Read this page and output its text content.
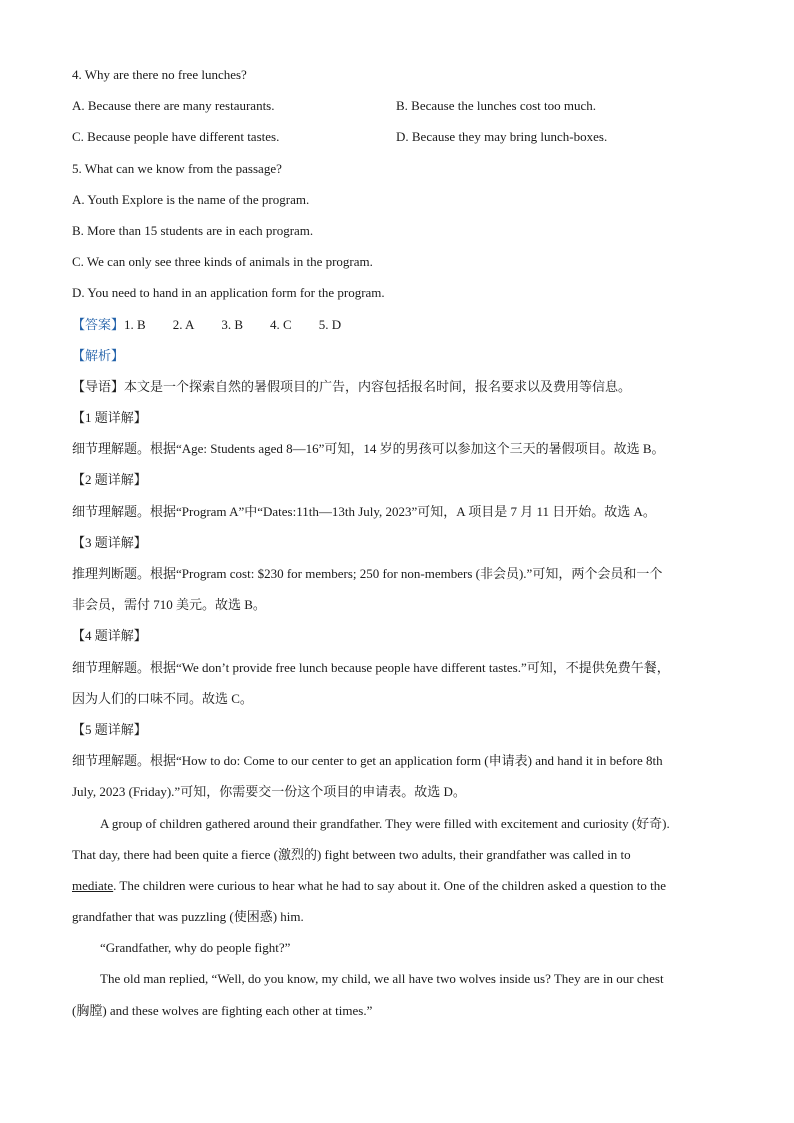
4. Why are there no free lunches?
A. Because there are many restaurants.	B. Because the lunches cost too much.
C. Because people have different tastes.	D. Because they may bring lunch-boxes.
5. What can we know from the passage?
A. Youth Explore is the name of the program.
B. More than 15 students are in each program.
C. We can only see three kinds of animals in the program.
D. You need to hand in an application form for the program.
【答案】1. B 2. A 3. B 4. C 5. D
【解析】
【导语】本文是一个探索自然的暑假项目的广告，内容包括报名时间，报名要求以及费用等信息。
【1 题详解】
细节理解题。根据“Age: Students aged 8—16”可知，14 岁的男孩可以参加这个三天的暑假项目。故选 B。
【2 题详解】
细节理解题。根据“Program A”中“Dates:11th—13th July, 2023”可知，A 项目是 7 月 11 日开始。故选 A。
【3 题详解】
推理判断题。根据“Program cost: $230 for members; 250 for non-members (非会员).”可知，两个会员和一个
非会员，需付 710 美元。故选 B。
【4 题详解】
细节理解题。根据“We don’t provide free lunch because people have different tastes.”可知，不提供免费午餐，
因为人们的口味不同。故选 C。
【5 题详解】
细节理解题。根据“How to do: Come to our center to get an application form (申请表) and hand it in before 8th
July, 2023 (Friday).”可知，你需要交一份这个项目的申请表。故选 D。
A group of children gathered around their grandfather. They were filled with excitement and curiosity (好奇).
That day, there had been quite a fierce (激烈的) fight between two adults, their grandfather was called in to
mediate. The children were curious to hear what he had to say about it. One of the children asked a question to the
grandfather that was puzzling (使困惑) him.
“Grandfather, why do people fight?”
The old man replied, “Well, do you know, my child, we all have two wolves inside us? They are in our chest
(胸膛) and these wolves are fighting each other at times.”
